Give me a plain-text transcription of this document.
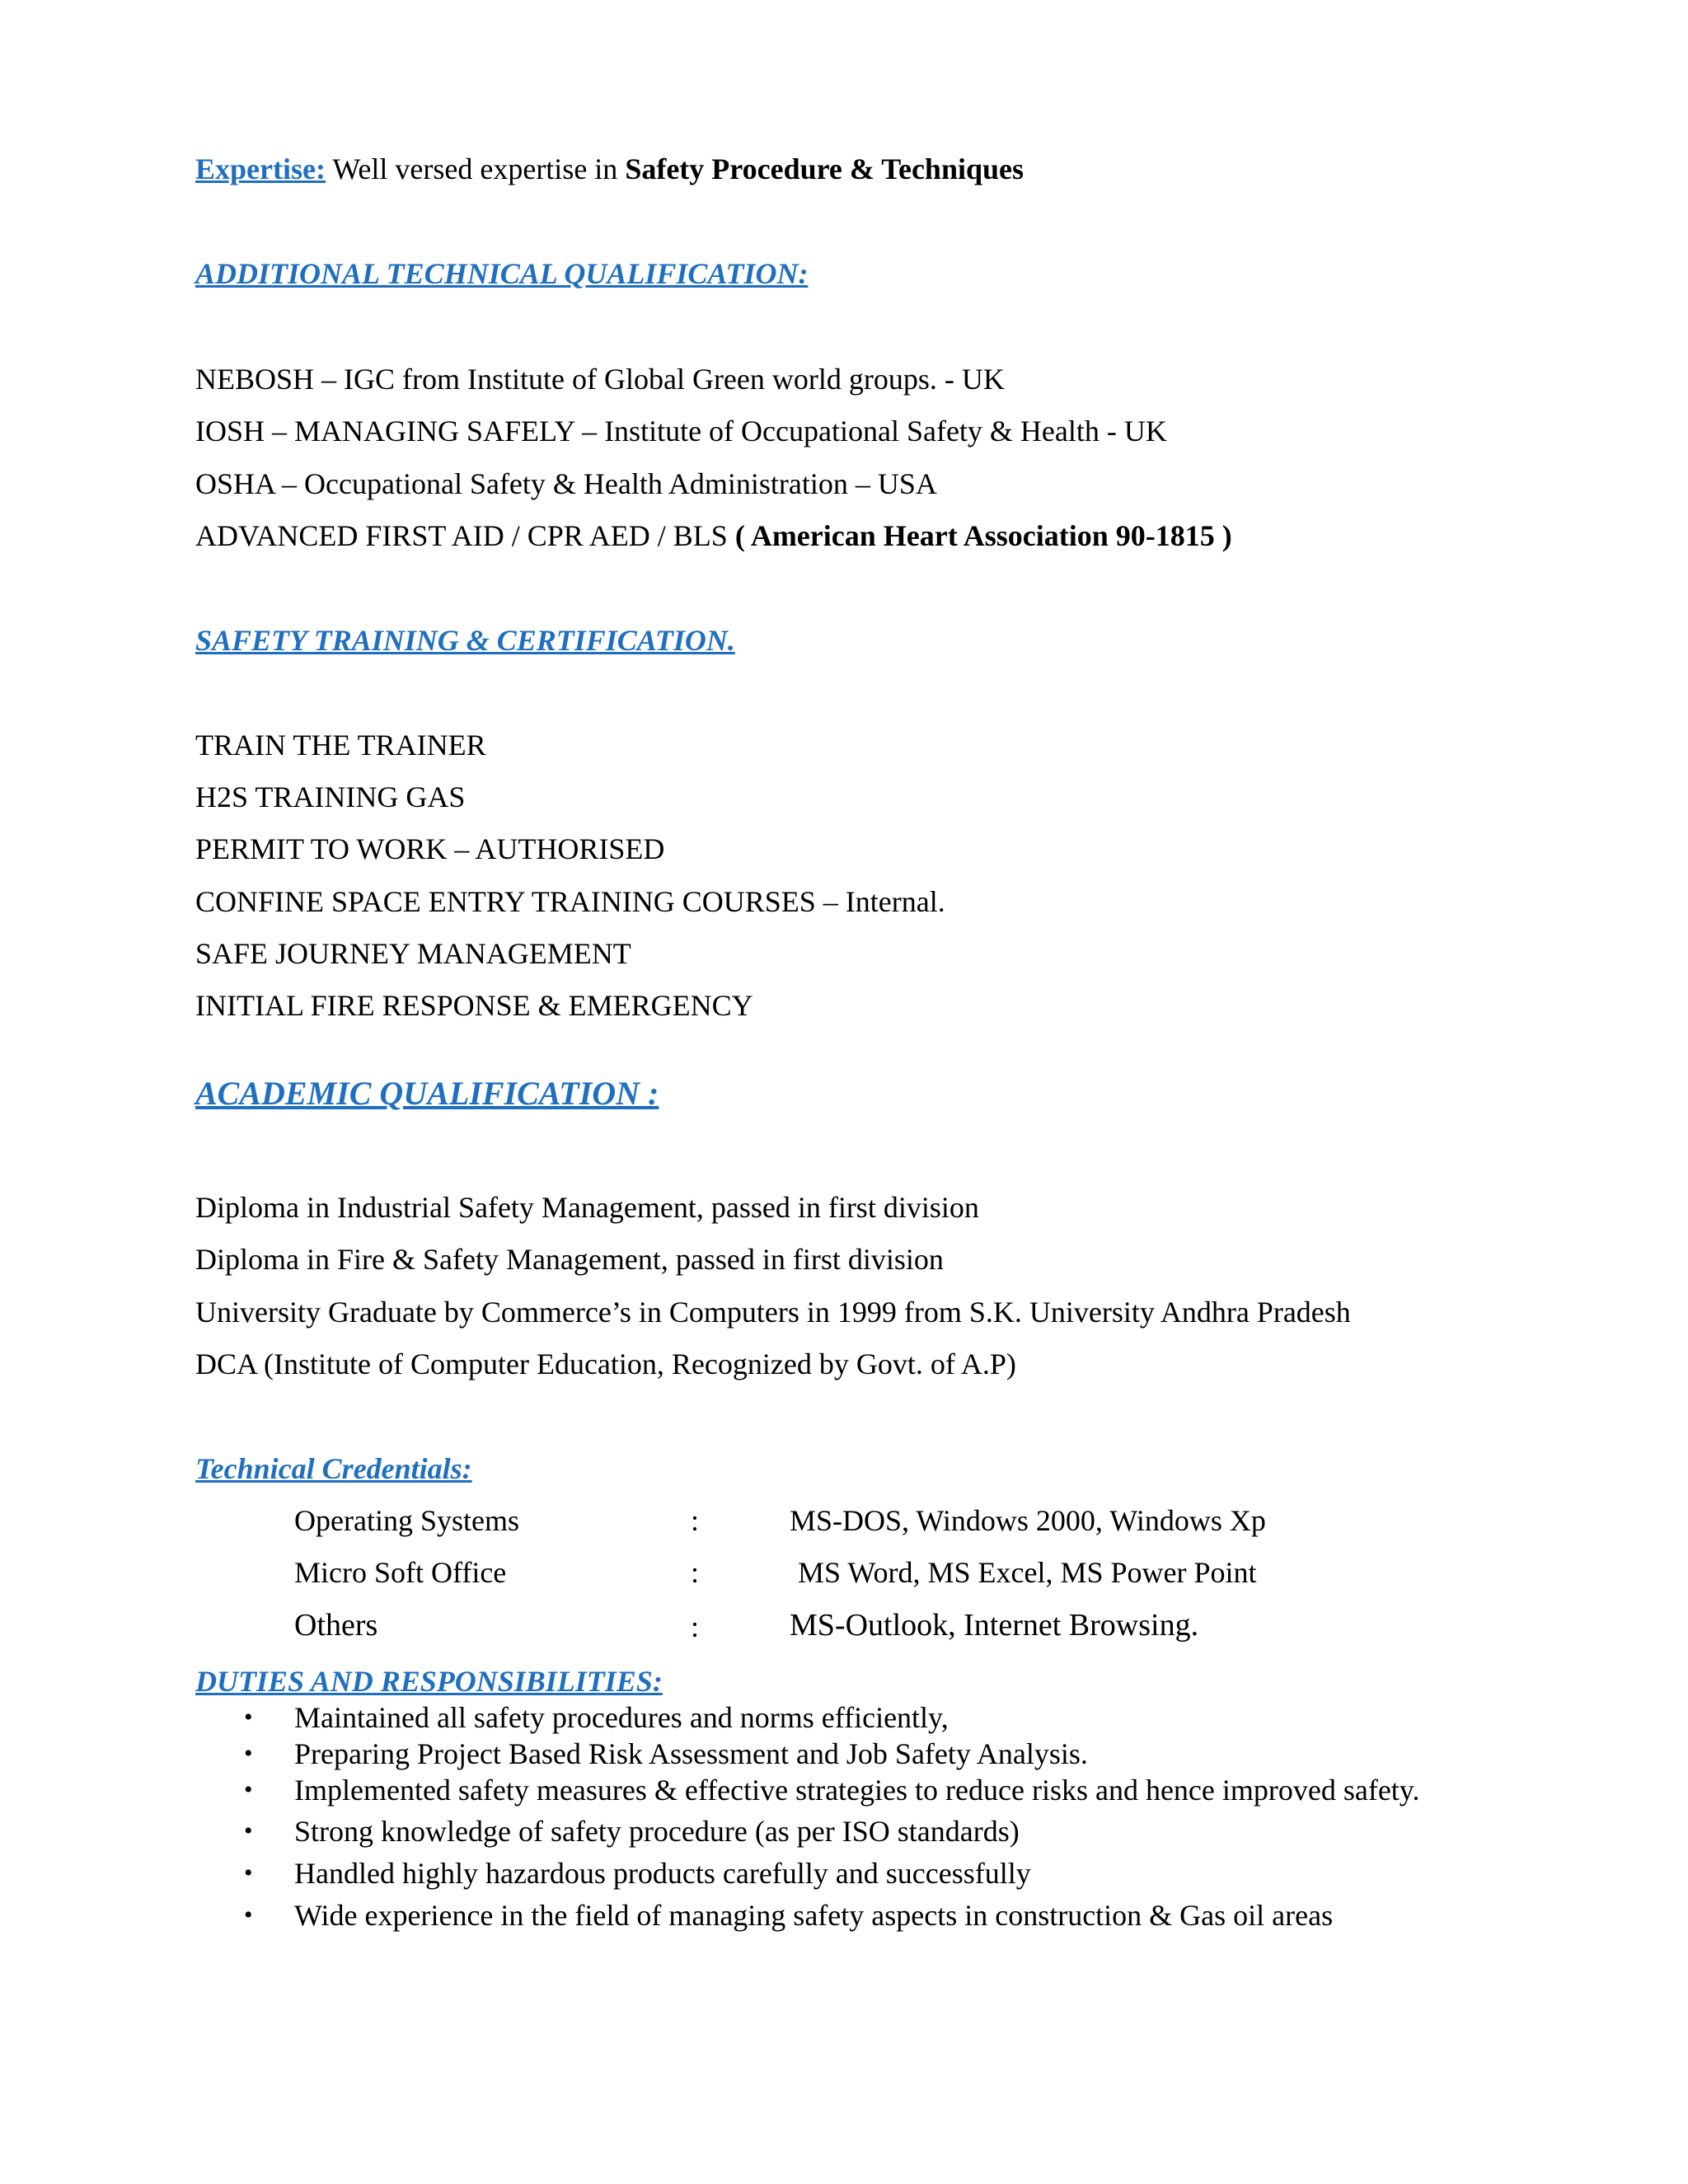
Expertise: Well versed expertise in Safety Procedure & Techniques
ADDITIONAL TECHNICAL QUALIFICATION:
NEBOSH – IGC from Institute of Global Green world groups. - UK
IOSH – MANAGING SAFELY – Institute of Occupational Safety & Health - UK
OSHA – Occupational Safety & Health Administration – USA
ADVANCED FIRST AID / CPR AED / BLS ( American Heart Association 90-1815 )
SAFETY TRAINING & CERTIFICATION.
TRAIN THE TRAINER
H2S TRAINING GAS
PERMIT TO WORK – AUTHORISED
CONFINE SPACE ENTRY TRAINING COURSES – Internal.
SAFE JOURNEY MANAGEMENT
INITIAL FIRE RESPONSE & EMERGENCY
ACADEMIC QUALIFICATION :
Diploma in Industrial Safety Management, passed in first division
Diploma in Fire & Safety Management, passed in first division
University Graduate by Commerce’s in Computers in 1999 from S.K. University Andhra Pradesh
DCA (Institute of Computer Education, Recognized by Govt. of A.P)
Technical Credentials:
Operating Systems	:	MS-DOS, Windows 2000, Windows Xp
Micro Soft Office	:	MS Word, MS Excel, MS Power Point
Others	:	MS-Outlook, Internet Browsing.
DUTIES AND RESPONSIBILITIES:
• Maintained all safety procedures and norms efficiently,
• Preparing Project Based Risk Assessment and Job Safety Analysis.
• Implemented safety measures & effective strategies to reduce risks and hence improved safety.
• Strong knowledge of safety procedure (as per ISO standards)
• Handled highly hazardous products carefully and successfully
• Wide experience in the field of managing safety aspects in construction & Gas oil areas
